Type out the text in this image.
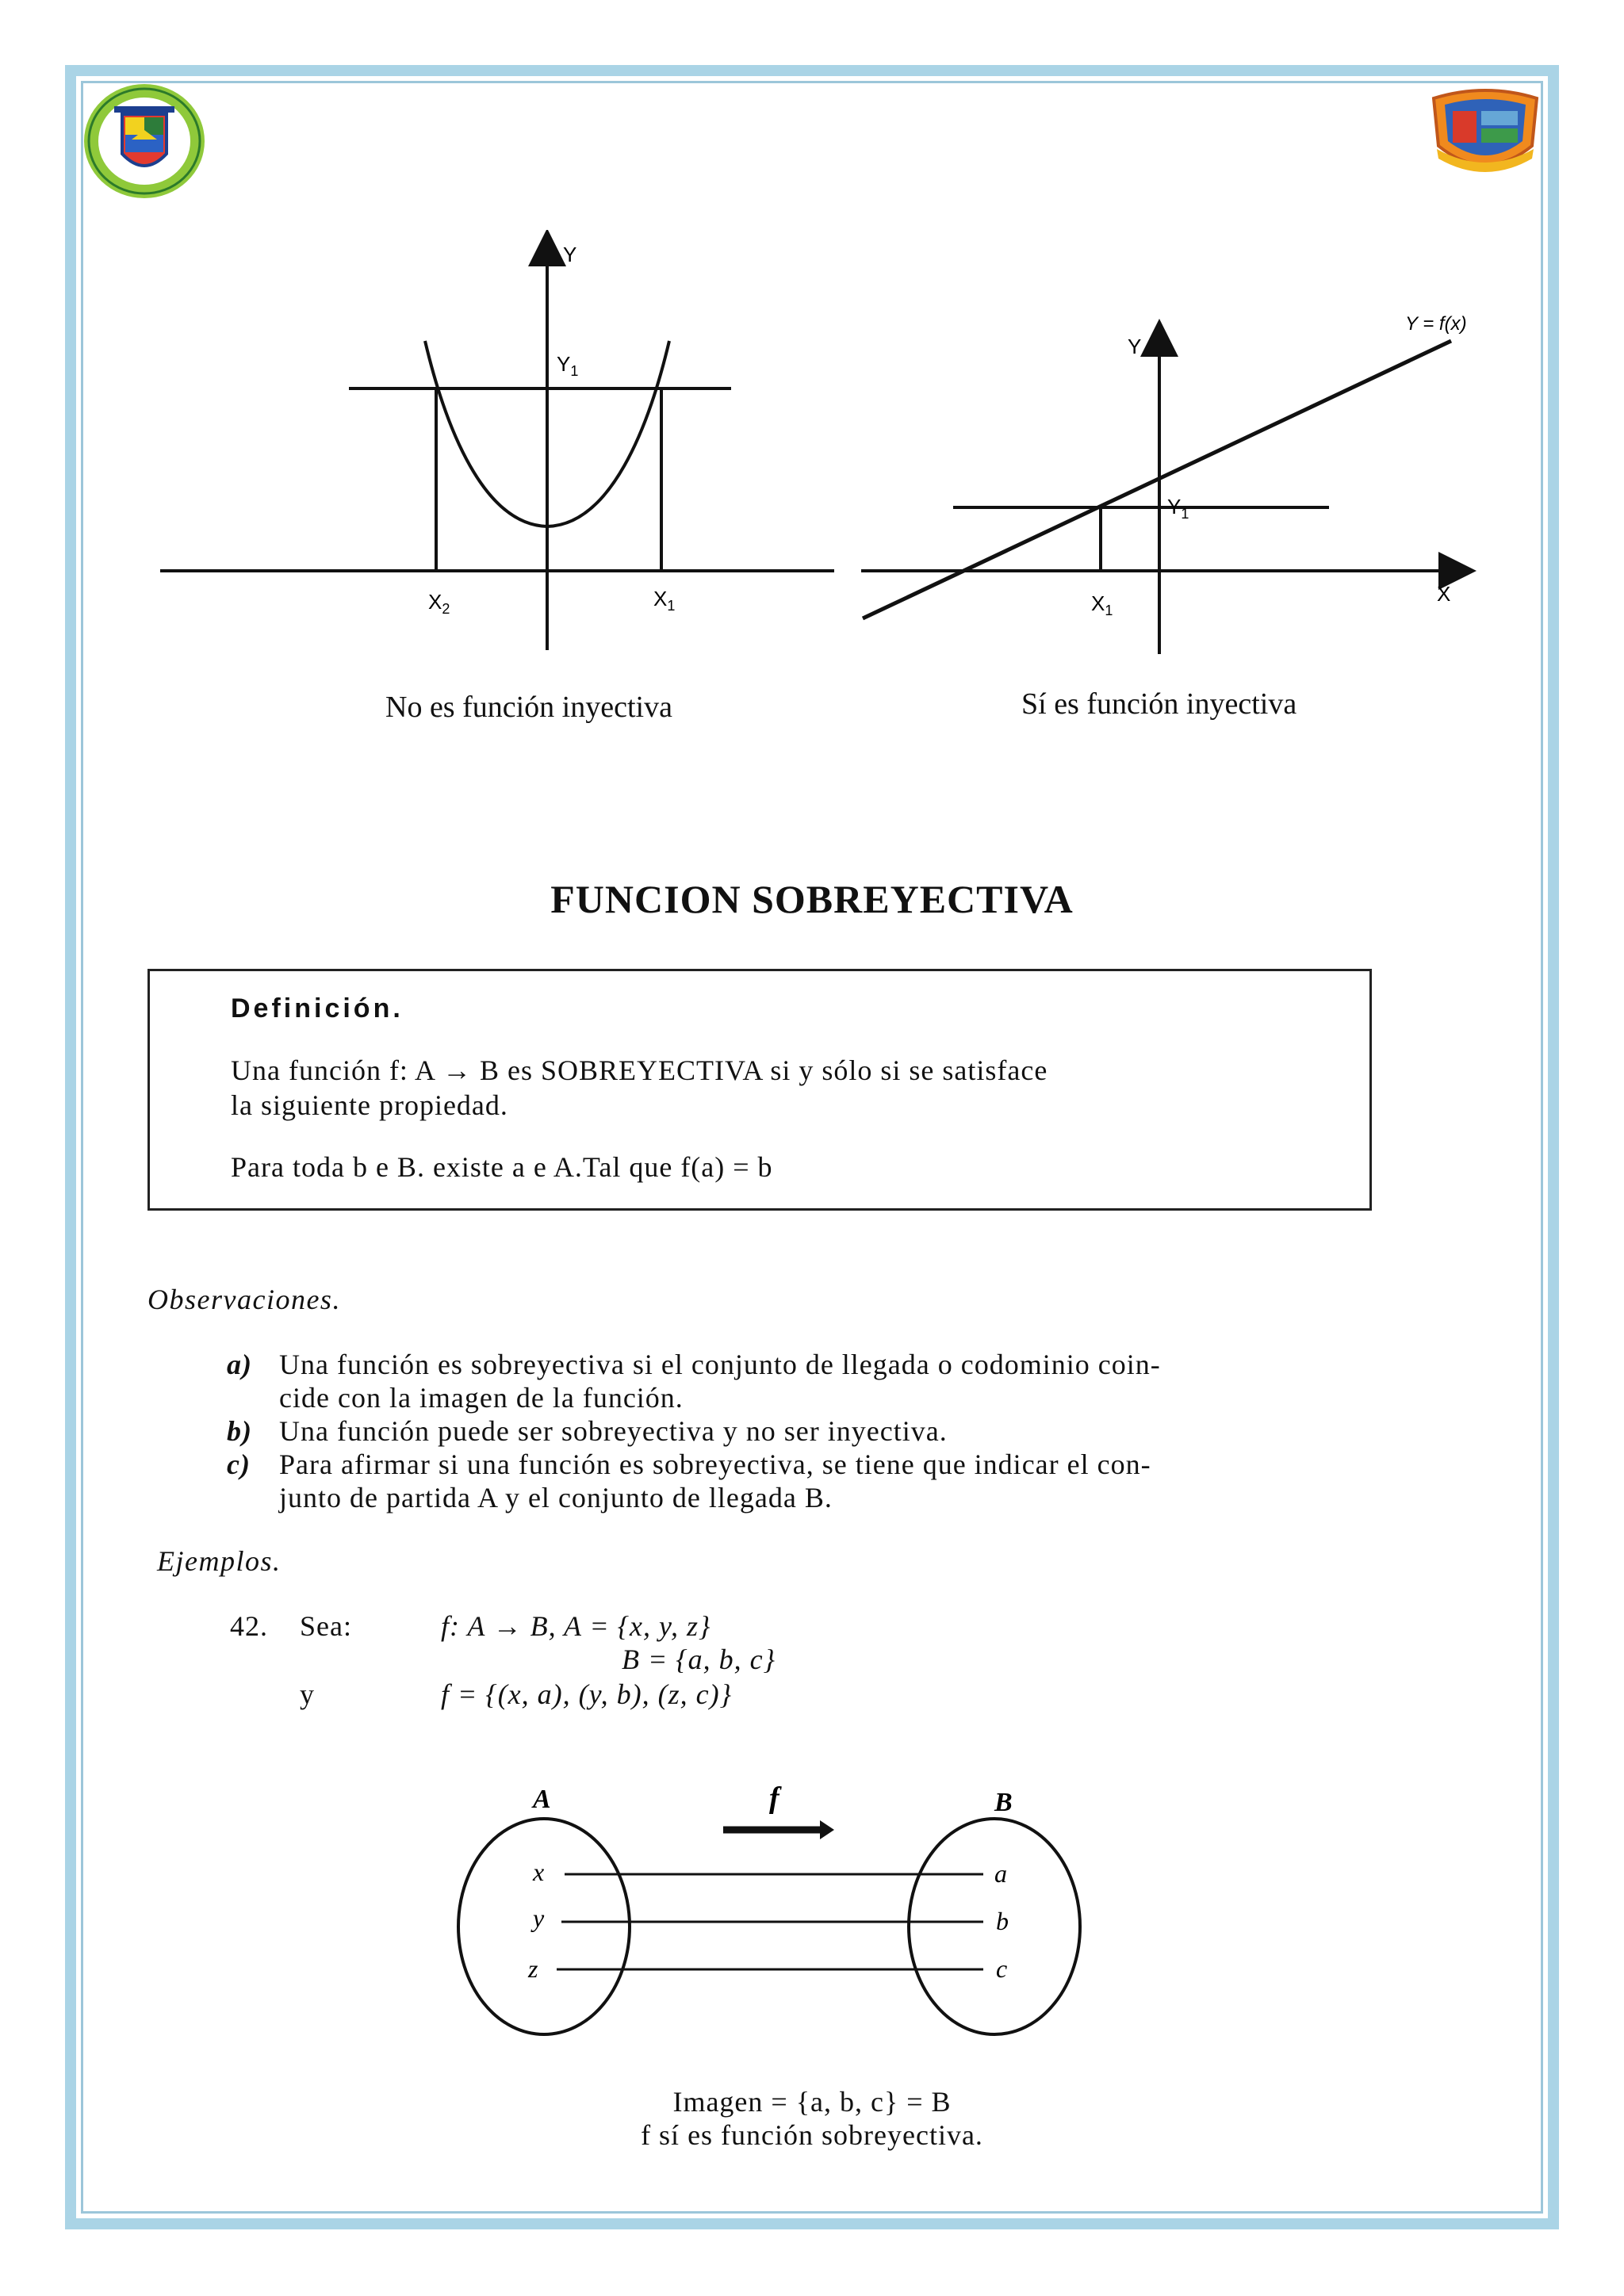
Y
$Y_1$
$X_2$	$X_1$
No es función inyectiva
Y
X
Y = f(x)
$Y_1$
$X_1$
Sí es función inyectiva
FUNCION SOBREYECTIVA
Definición.
Una función f: A → B es SOBREYECTIVA si y sólo si se satisface
la siguiente propiedad.
Para toda b e B. existe a e A.Tal que f(a) = b
Observaciones.
a) Una función es sobreyectiva si el conjunto de llegada o codominio coin-
cide con la imagen de la función.
b) Una función puede ser sobreyectiva y no ser inyectiva.
c) Para afirmar si una función es sobreyectiva, se tiene que indicar el con-
junto de partida A y el conjunto de llegada B.
Ejemplos.
42. Sea:	f: A → B, A = {x, y, z}
B = {a, b, c}
y	f = {(x, a), (y, b), (z, c)}
A	B
f
x
y
z
a
b
c
Imagen = {a, b, c} = B
f sí es función sobreyectiva.
